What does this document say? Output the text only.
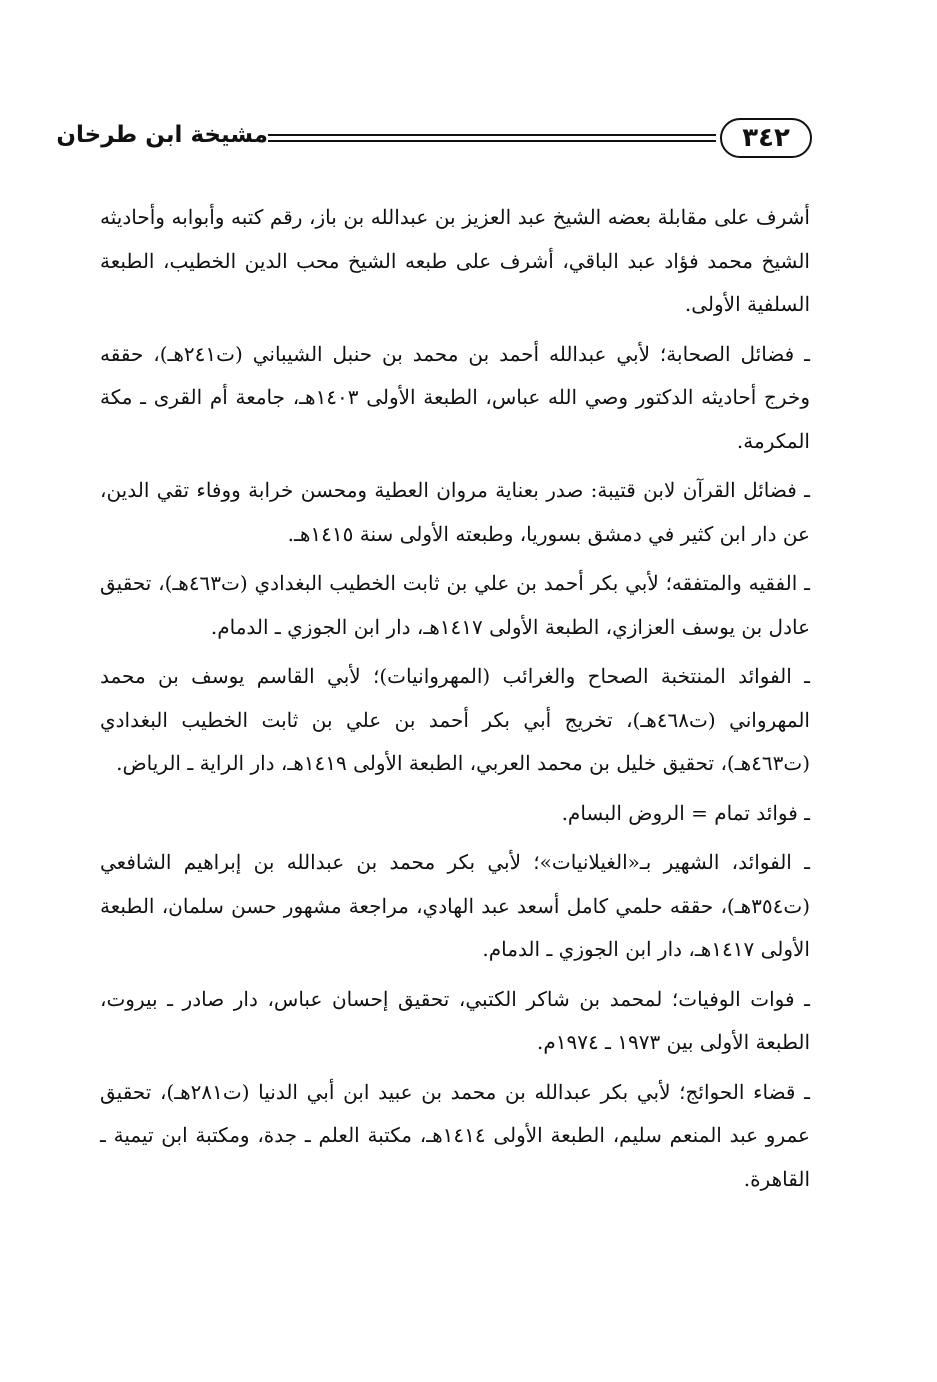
٣٤٢
مشيخة ابن طرخان

أشرف على مقابلة بعضه الشيخ عبد العزيز بن عبدالله بن باز، رقم كتبه وأبوابه وأحاديثه الشيخ محمد فؤاد عبد الباقي، أشرف على طبعه الشيخ محب الدين الخطيب، الطبعة السلفية الأولى.

ـ فضائل الصحابة؛ لأبي عبدالله أحمد بن محمد بن حنبل الشيباني (ت٢٤١هـ)، حققه وخرج أحاديثه الدكتور وصي الله عباس، الطبعة الأولى ١٤٠٣هـ، جامعة أم القرى ـ مكة المكرمة.

ـ فضائل القرآن لابن قتيبة: صدر بعناية مروان العطية ومحسن خرابة ووفاء تقي الدين، عن دار ابن كثير في دمشق بسوريا، وطبعته الأولى سنة ١٤١٥هـ.

ـ الفقيه والمتفقه؛ لأبي بكر أحمد بن علي بن ثابت الخطيب البغدادي (ت٤٦٣هـ)، تحقيق عادل بن يوسف العزازي، الطبعة الأولى ١٤١٧هـ، دار ابن الجوزي ـ الدمام.

ـ الفوائد المنتخبة الصحاح والغرائب (المهروانيات)؛ لأبي القاسم يوسف بن محمد المهرواني (ت٤٦٨هـ)، تخريج أبي بكر أحمد بن علي بن ثابت الخطيب البغدادي (ت٤٦٣هـ)، تحقيق خليل بن محمد العربي، الطبعة الأولى ١٤١٩هـ، دار الراية ـ الرياض.

ـ فوائد تمام = الروض البسام.

ـ الفوائد، الشهير بـ«الغيلانيات»؛ لأبي بكر محمد بن عبدالله بن إبراهيم الشافعي (ت٣٥٤هـ)، حققه حلمي كامل أسعد عبد الهادي، مراجعة مشهور حسن سلمان، الطبعة الأولى ١٤١٧هـ، دار ابن الجوزي ـ الدمام.

ـ فوات الوفيات؛ لمحمد بن شاكر الكتبي، تحقيق إحسان عباس، دار صادر ـ بيروت، الطبعة الأولى بين ١٩٧٣ ـ ١٩٧٤م.

ـ قضاء الحوائج؛ لأبي بكر عبدالله بن محمد بن عبيد ابن أبي الدنيا (ت٢٨١هـ)، تحقيق عمرو عبد المنعم سليم، الطبعة الأولى ١٤١٤هـ، مكتبة العلم ـ جدة، ومكتبة ابن تيمية ـ القاهرة.
